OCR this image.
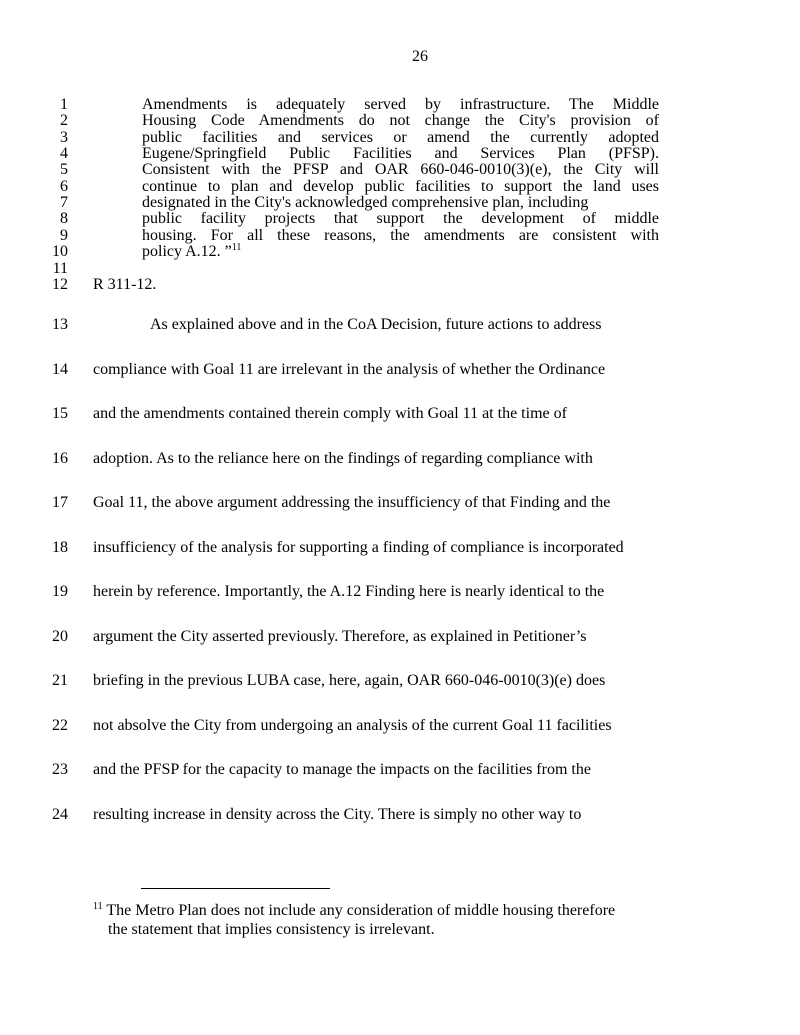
26
1	Amendments is adequately served by infrastructure. The Middle
2	Housing Code Amendments do not change the City's provision of
3	public facilities and services or amend the currently adopted
4	Eugene/Springfield Public Facilities and Services Plan (PFSP).
5	Consistent with the PFSP and OAR 660-046-0010(3)(e), the City will
6	continue to plan and develop public facilities to support the land uses
7	designated in the City's acknowledged comprehensive plan, including
8	public facility projects that support the development of middle
9	housing. For all these reasons, the amendments are consistent with
10	policy A.12. ”$^{11}$
11
12 R 311-12.
13	As explained above and in the CoA Decision, future actions to address
14 compliance with Goal 11 are irrelevant in the analysis of whether the Ordinance
15 and the amendments contained therein comply with Goal 11 at the time of
16 adoption. As to the reliance here on the findings of regarding compliance with
17 Goal 11, the above argument addressing the insufficiency of that Finding and the
18 insufficiency of the analysis for supporting a finding of compliance is incorporated
19 herein by reference. Importantly, the A.12 Finding here is nearly identical to the
20 argument the City asserted previously. Therefore, as explained in Petitioner’s
21 briefing in the previous LUBA case, here, again, OAR 660-046-0010(3)(e) does
22 not absolve the City from undergoing an analysis of the current Goal 11 facilities
23 and the PFSP for the capacity to manage the impacts on the facilities from the
24 resulting increase in density across the City. There is simply no other way to
$^{11}$ The Metro Plan does not include any consideration of middle housing therefore
the statement that implies consistency is irrelevant.
